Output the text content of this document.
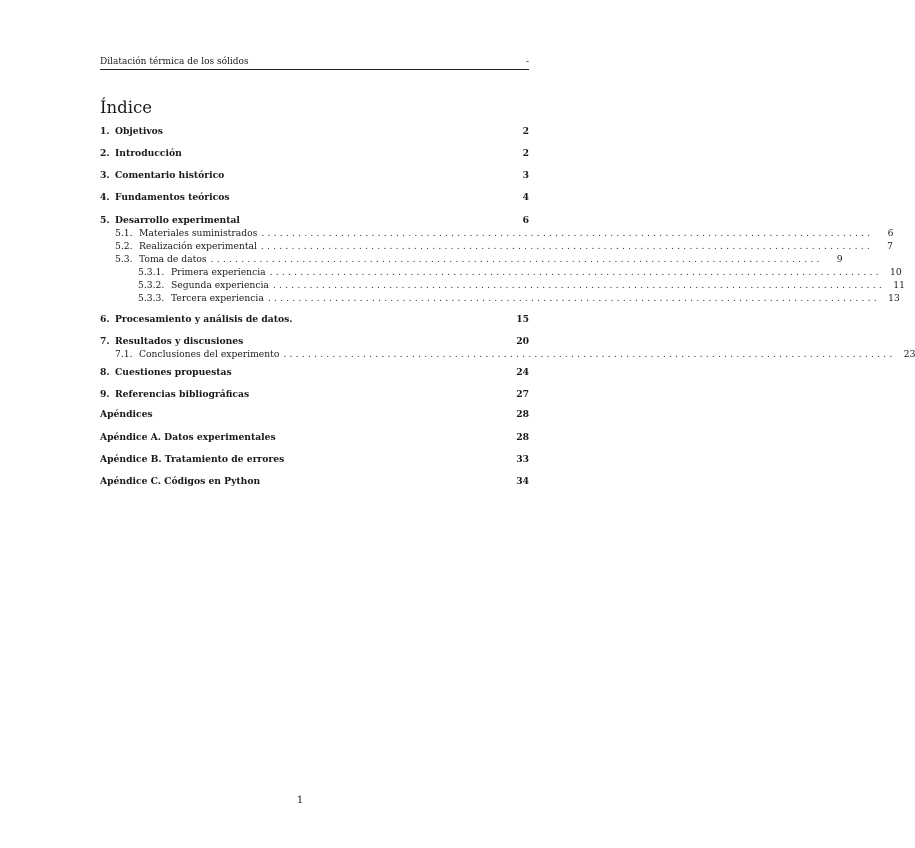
Dilatación térmica de los sólidos	-
Índice
1. Objetivos	2
2. Introducción	2
3. Comentario histórico	3
4. Fundamentos teóricos	4
5. Desarrollo experimental	6
5.1. Materiales suministrados ....................................................................................................	6
5.2. Realización experimental ....................................................................................................	7
5.3. Toma de datos ....................................................................................................	9
5.3.1. Primera experiencia .................................................................................................... 10
5.3.2. Segunda experiencia .................................................................................................... 11
5.3.3. Tercera experiencia .................................................................................................... 13
6. Procesamiento y análisis de datos.	15
7. Resultados y discusiones	20
7.1. Conclusiones del experimento .................................................................................................... 23
8. Cuestiones propuestas	24
9. Referencias bibliográficas	27
Apéndices	28
Apéndice A. Datos experimentales	28
Apéndice B. Tratamiento de errores	33
Apéndice C. Códigos en Python	34
1
